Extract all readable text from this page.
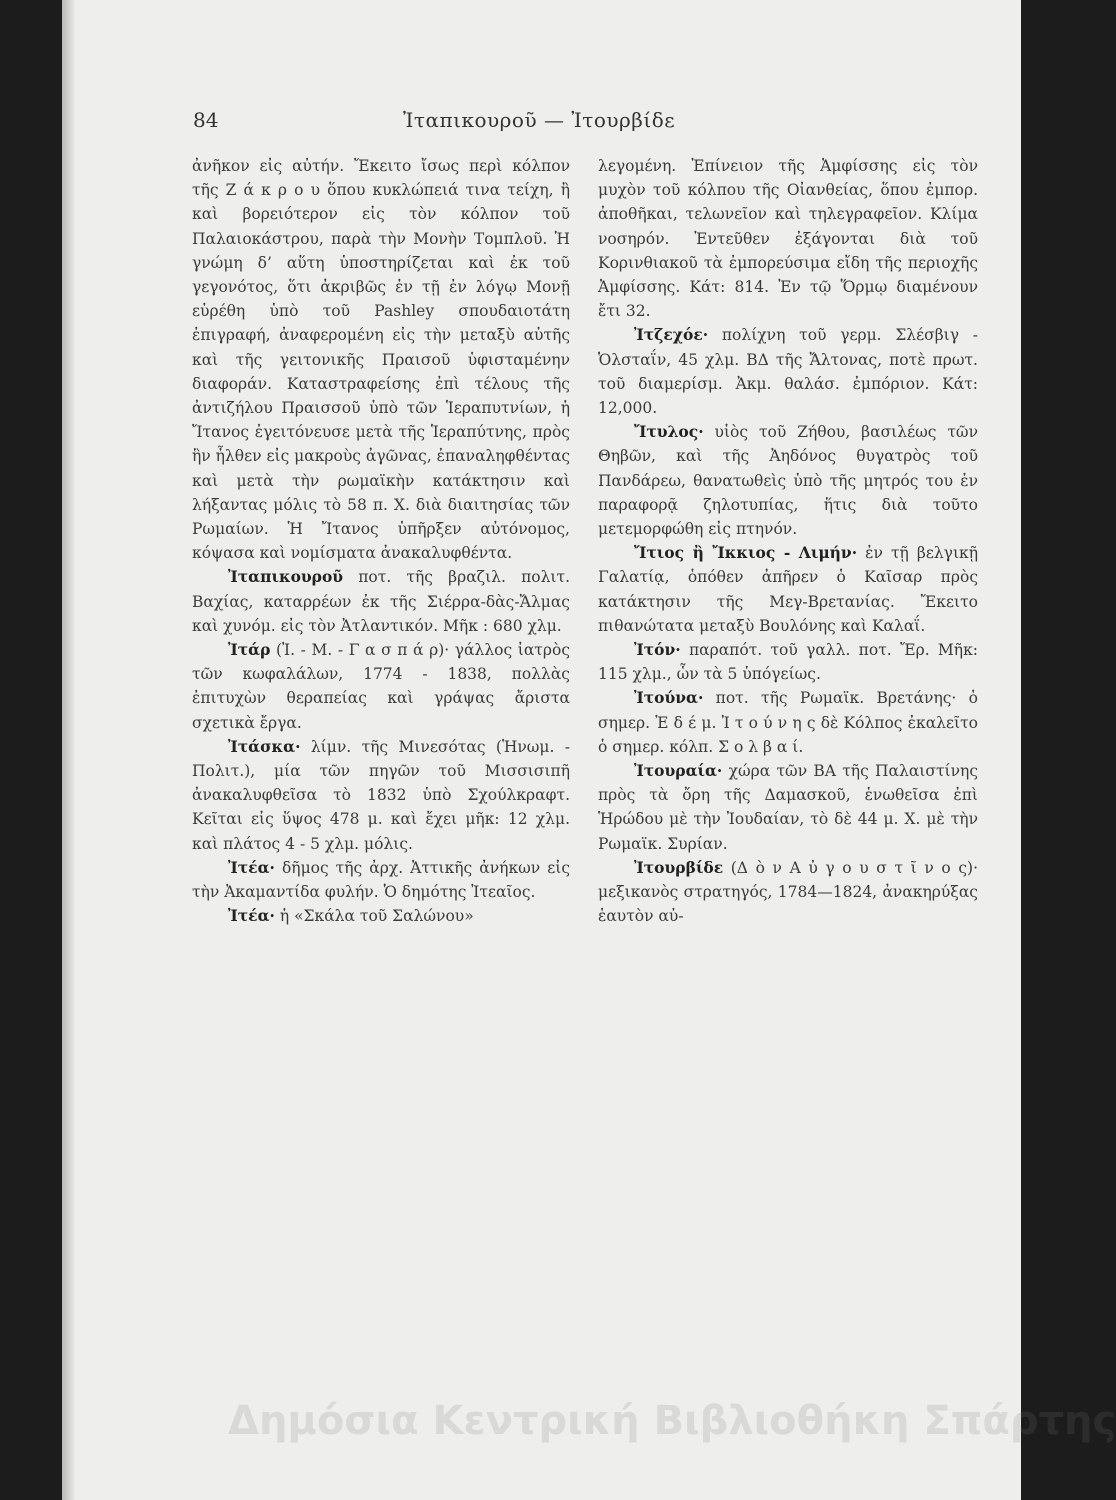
84	Ἰταπικουροῦ — Ἰτουρβίδε

ἀνῆκον εἰς αὐτήν. Ἔκειτο ἴσως περὶ κόλπον τῆς Ζ ά κ ρ ο υ ὅπου κυκλώπειά τινα τείχη, ἢ καὶ βορειότερον εἰς τὸν κόλπον τοῦ Παλαιοκάστρου, παρὰ τὴν Μονὴν Τομπλοῦ. Ἡ γνώμη δ’ αὕτη ὑποστηρίζεται καὶ ἐκ τοῦ γεγονότος, ὅτι ἀκριβῶς ἐν τῇ ἐν λόγῳ Μονῇ εὑρέθη ὑπὸ τοῦ Pashley σπουδαιοτάτη ἐπιγραφή, ἀναφερομένη εἰς τὴν μεταξὺ αὐτῆς καὶ τῆς γειτονικῆς Πραισοῦ ὑφισταμένην διαφοράν. Καταστραφείσης ἐπὶ τέλους τῆς ἀντιζήλου Πραισσοῦ ὑπὸ τῶν Ἱεραπυτνίων, ἡ Ἴτανος ἐγειτόνευσε μετὰ τῆς Ἱεραπύτνης, πρὸς ἣν ἦλθεν εἰς μακροὺς ἀγῶνας, ἐπαναληφθέντας καὶ μετὰ τὴν ρωμαϊκὴν κατάκτησιν καὶ λήξαντας μόλις τὸ 58 π. Χ. διὰ διαιτησίας τῶν Ρωμαίων. Ἡ Ἴτανος ὑπῆρξεν αὐτόνομος, κόψασα καὶ νομίσματα ἀνακαλυφθέντα.

Ἰταπικουροῦ ποτ. τῆς βραζιλ. πολιτ. Βαχίας, καταρρέων ἐκ τῆς Σιέρρα-δὰς-Ἄλμας καὶ χυνόμ. εἰς τὸν Ἀτλαντικόν. Μῆκ : 680 χλμ.

Ἰτάρ (Ἰ. - Μ. - Γ α σ π ά ρ)· γάλλος ἰατρὸς τῶν κωφαλάλων, 1774 - 1838, πολλὰς ἐπιτυχὼν θεραπείας καὶ γράψας ἄριστα σχετικὰ ἔργα.

Ἰτάσκα· λίμν. τῆς Μινεσότας (Ἡνωμ. - Πολιτ.), μία τῶν πηγῶν τοῦ Μισσισιπῆ ἀνακαλυφθεῖσα τὸ 1832 ὑπὸ Σχούλκραφτ. Κεῖται εἰς ὕψος 478 μ. καὶ ἔχει μῆκ: 12 χλμ. καὶ πλάτος 4 - 5 χλμ. μόλις.

Ἰτέα· δῆμος τῆς ἀρχ. Ἀττικῆς ἀνήκων εἰς τὴν Ἀκαμαντίδα φυλήν. Ὁ δημότης Ἰτεαῖος.

Ἰτέα· ἡ «Σκάλα τοῦ Σαλώνου»

λεγομένη. Ἐπίνειον τῆς Ἀμφίσσης εἰς τὸν μυχὸν τοῦ κόλπου τῆς Οἰανθείας, ὅπου ἐμπορ. ἀποθῆκαι, τελωνεῖον καὶ τηλεγραφεῖον. Κλίμα νοσηρόν. Ἐντεῦθεν ἐξάγονται διὰ τοῦ Κορινθιακοῦ τὰ ἐμπορεύσιμα εἴδη τῆς περιοχῆς Ἀμφίσσης. Κάτ: 814. Ἐν τῷ Ὅρμῳ διαμένουν ἔτι 32.

Ἰτζεχόε· πολίχνη τοῦ γερμ. Σλέσβιγ - Ὁλσταΐν, 45 χλμ. ΒΔ τῆς Ἄλτονας, ποτὲ πρωτ. τοῦ διαμερίσμ. Ἀκμ. θαλάσ. ἐμπόριον. Κάτ: 12,000.

Ἴτυλος· υἱὸς τοῦ Ζήθου, βασιλέως τῶν Θηβῶν, καὶ τῆς Ἀηδόνος θυγατρὸς τοῦ Πανδάρεω, θανατωθεὶς ὑπὸ τῆς μητρός του ἐν παραφορᾷ ζηλοτυπίας, ἥτις διὰ τοῦτο μετεμορφώθη εἰς πτηνόν.

Ἴτιος ἢ Ἴκκιος - Λιμήν· ἐν τῇ βελγικῇ Γαλατίᾳ, ὁπόθεν ἀπῆρεν ὁ Καῖσαρ πρὸς κατάκτησιν τῆς Μεγ-Βρετανίας. Ἔκειτο πιθανώτατα μεταξὺ Βουλόνης καὶ Καλαΐ.

Ἰτόν· παραπότ. τοῦ γαλλ. ποτ. Ἔρ. Μῆκ: 115 χλμ., ὧν τὰ 5 ὑπόγείως.

Ἰτούνα· ποτ. τῆς Ρωμαϊκ. Βρετάνης· ὁ σημερ. Ἐ δ έ μ. Ἰ τ ο ύ ν η ς δὲ Κόλπος ἐκαλεῖτο ὁ σημερ. κόλπ. Σ ο λ β α ί.

Ἰτουραία· χώρα τῶν ΒΑ τῆς Παλαιστίνης πρὸς τὰ ὄρη τῆς Δαμασκοῦ, ἑνωθεῖσα ἐπὶ Ἡρώδου μὲ τὴν Ἰουδαίαν, τὸ δὲ 44 μ. Χ. μὲ τὴν Ρωμαϊκ. Συρίαν.

Ἰτουρβίδε (Δ ὸ ν Α ὐ γ ο υ σ τ ῖ ν ο ς)· μεξικανὸς στρατηγός, 1784—1824, ἀνακηρύξας ἑαυτὸν αὐ-

Δημόσια Κεντρική Βιβλιοθήκη Σπάρτης
